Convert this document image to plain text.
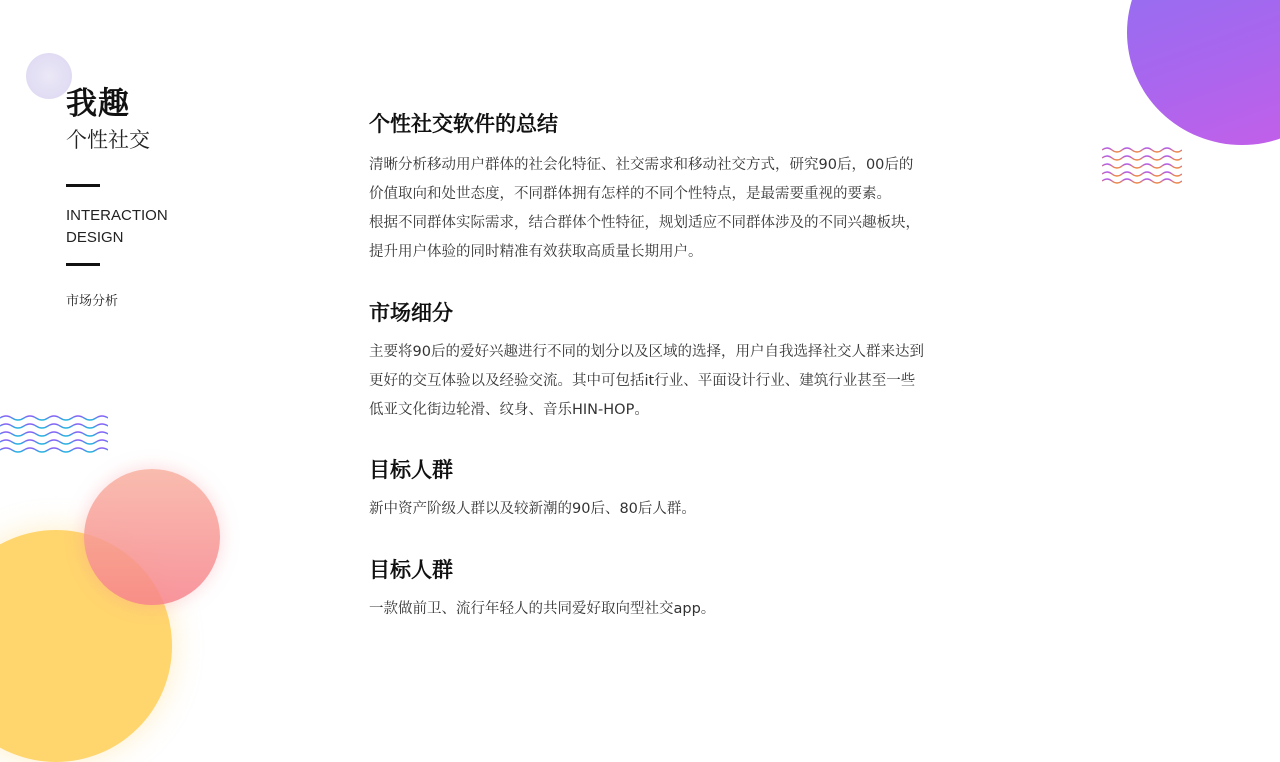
我趣
个性社交
INTERACTION
DESIGN
市场分析
个性社交软件的总结

清晰分析移动用户群体的社会化特征、社交需求和移动社交方式，研究90后，00后的
价值取向和处世态度，不同群体拥有怎样的不同个性特点，是最需要重视的要素。
根据不同群体实际需求，结合群体个性特征，规划适应不同群体涉及的不同兴趣板块，
提升用户体验的同时精准有效获取高质量长期用户。

市场细分

主要将90后的爱好兴趣进行不同的划分以及区域的选择，用户自我选择社交人群来达到
更好的交互体验以及经验交流。其中可包括it行业、平面设计行业、建筑行业甚至一些
低亚文化街边轮滑、纹身、音乐HIN-HOP。

目标人群

新中资产阶级人群以及较新潮的90后、80后人群。

目标人群

一款做前卫、流行年轻人的共同爱好取向型社交app。
